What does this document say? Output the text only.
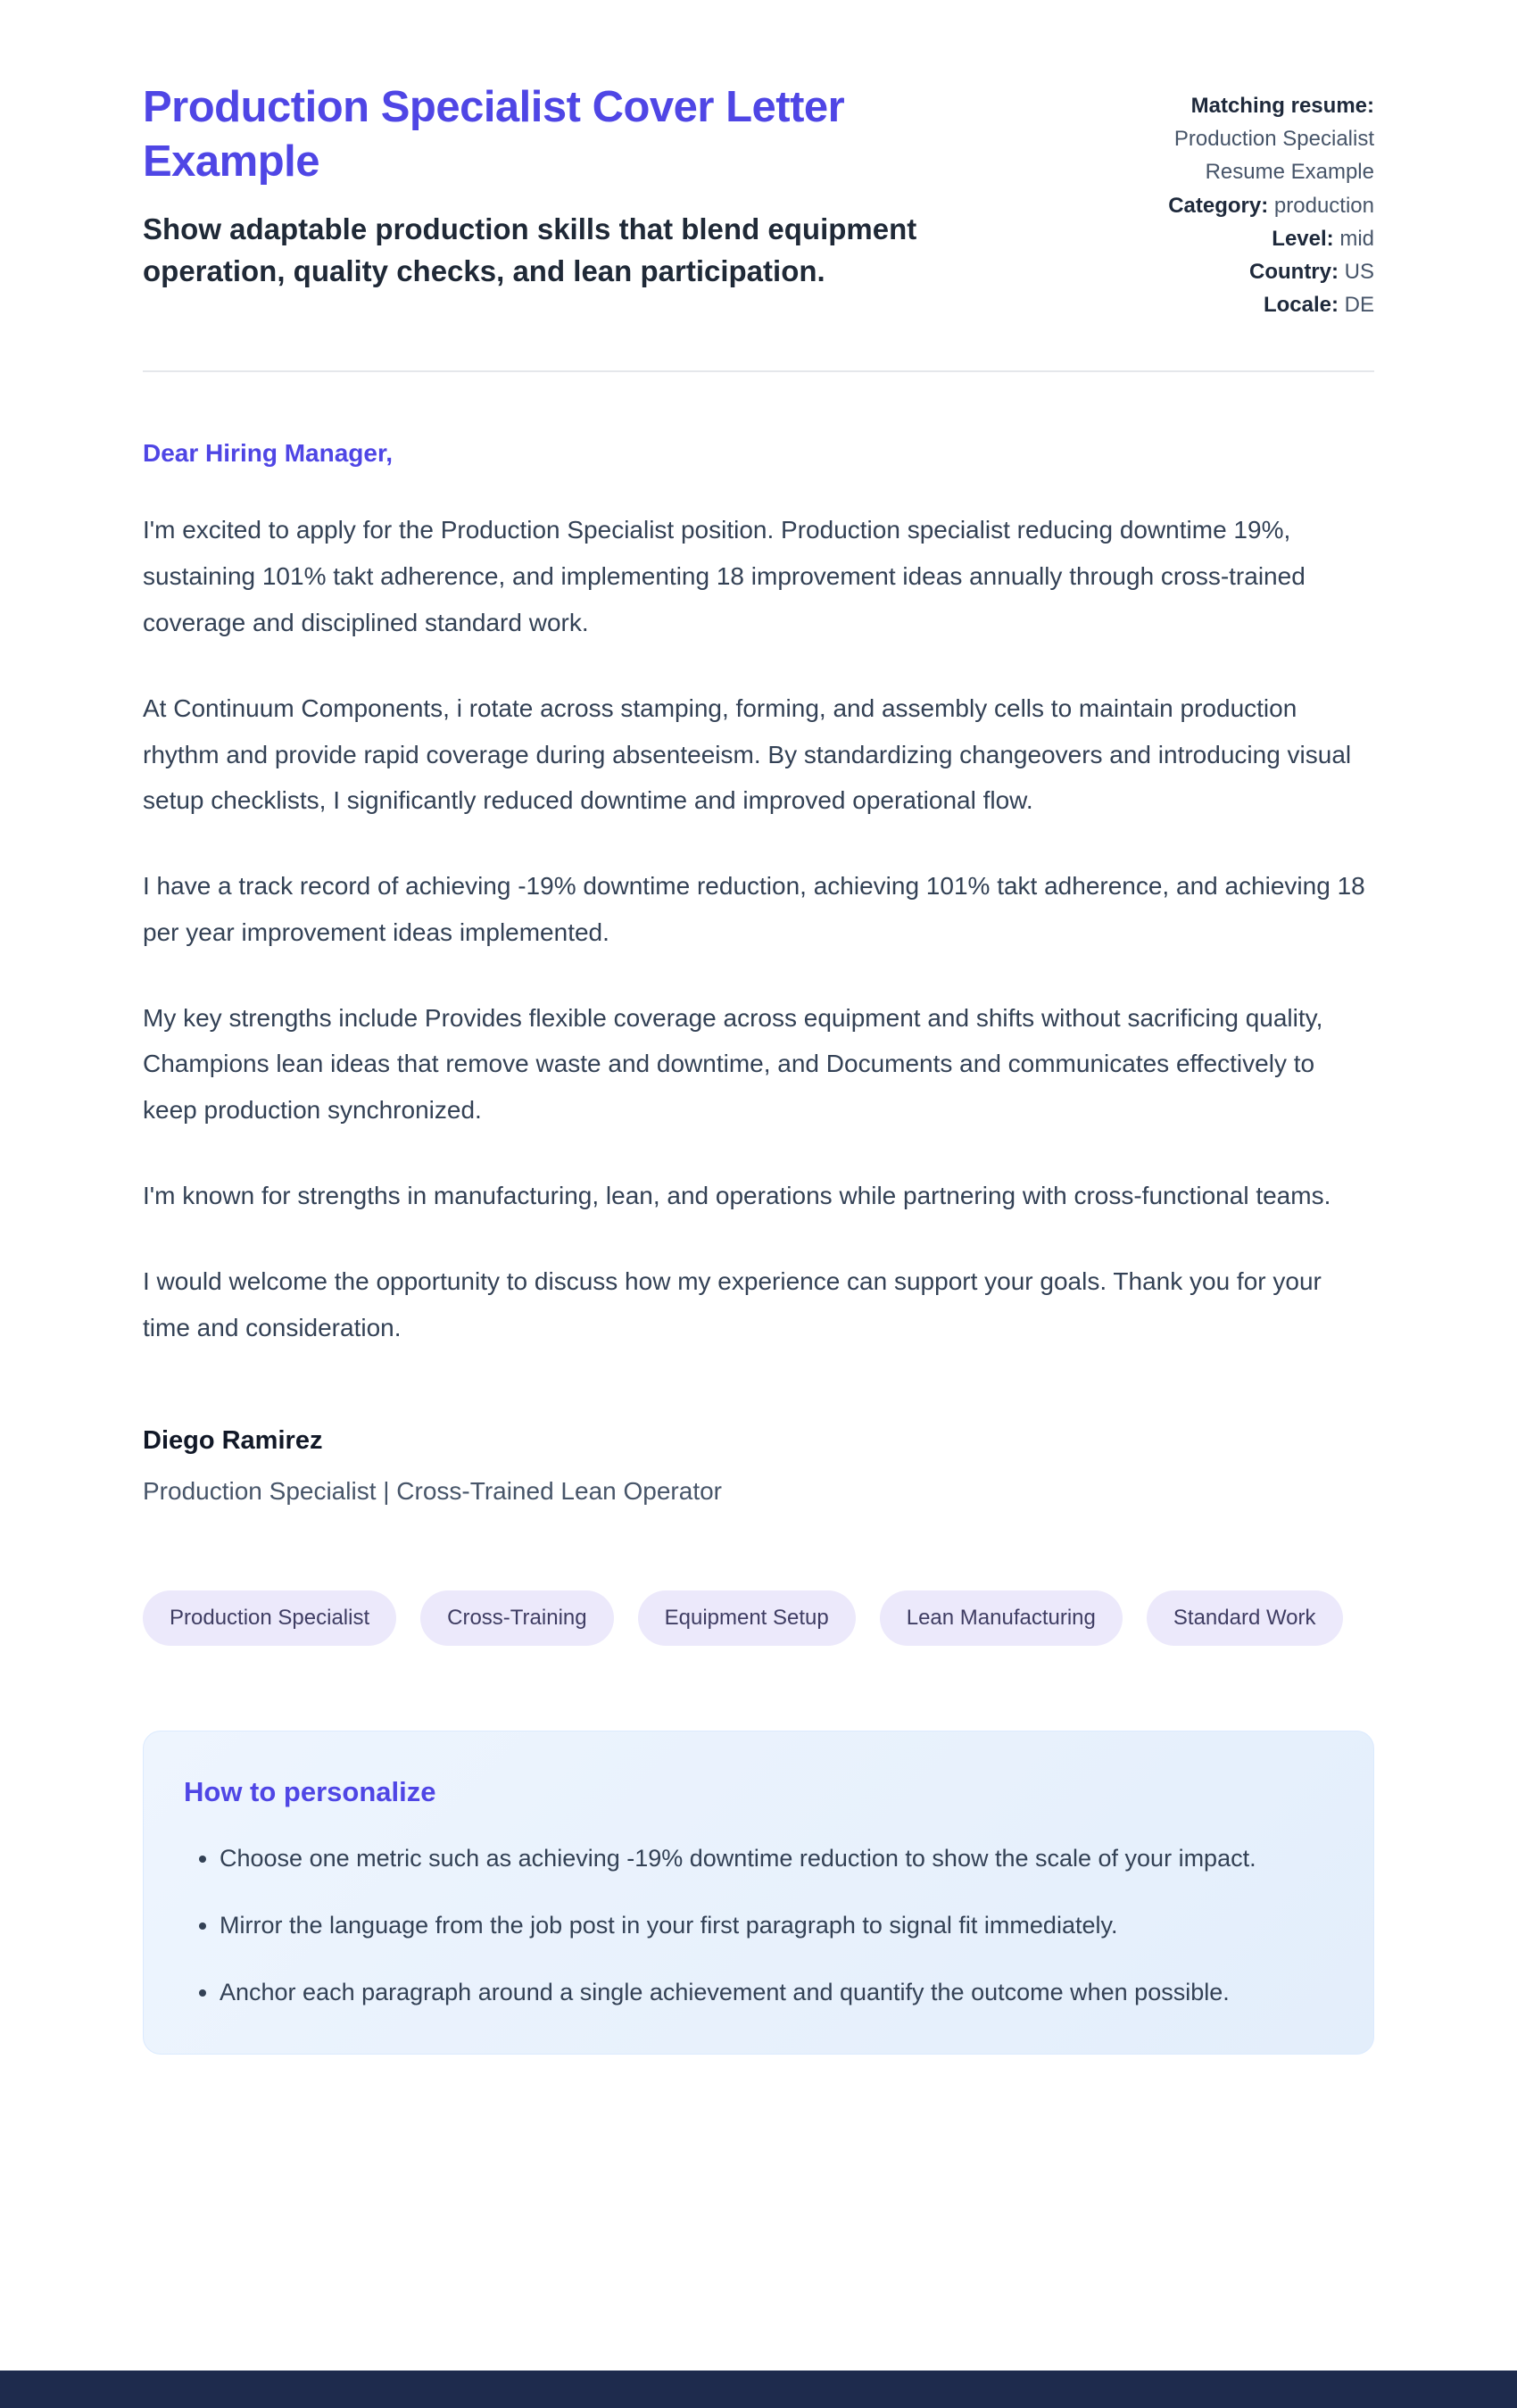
Production Specialist Cover Letter Example

Show adaptable production skills that blend equipment operation, quality checks, and lean participation.

Matching resume: Production Specialist Resume Example
Category: production
Level: mid
Country: US
Locale: DE
Dear Hiring Manager,

I'm excited to apply for the Production Specialist position. Production specialist reducing downtime 19%, sustaining 101% takt adherence, and implementing 18 improvement ideas annually through cross-trained coverage and disciplined standard work.

At Continuum Components, i rotate across stamping, forming, and assembly cells to maintain production rhythm and provide rapid coverage during absenteeism. By standardizing changeovers and introducing visual setup checklists, I significantly reduced downtime and improved operational flow.

I have a track record of achieving -19% downtime reduction, achieving 101% takt adherence, and achieving 18 per year improvement ideas implemented.

My key strengths include Provides flexible coverage across equipment and shifts without sacrificing quality, Champions lean ideas that remove waste and downtime, and Documents and communicates effectively to keep production synchronized.

I'm known for strengths in manufacturing, lean, and operations while partnering with cross-functional teams.

I would welcome the opportunity to discuss how my experience can support your goals. Thank you for your time and consideration.

Diego Ramirez
Production Specialist | Cross-Trained Lean Operator
Production Specialist	Cross-Training	Equipment Setup	Lean Manufacturing	Standard Work
How to personalize
• Choose one metric such as achieving -19% downtime reduction to show the scale of your impact.
• Mirror the language from the job post in your first paragraph to signal fit immediately.
• Anchor each paragraph around a single achievement and quantify the outcome when possible.
